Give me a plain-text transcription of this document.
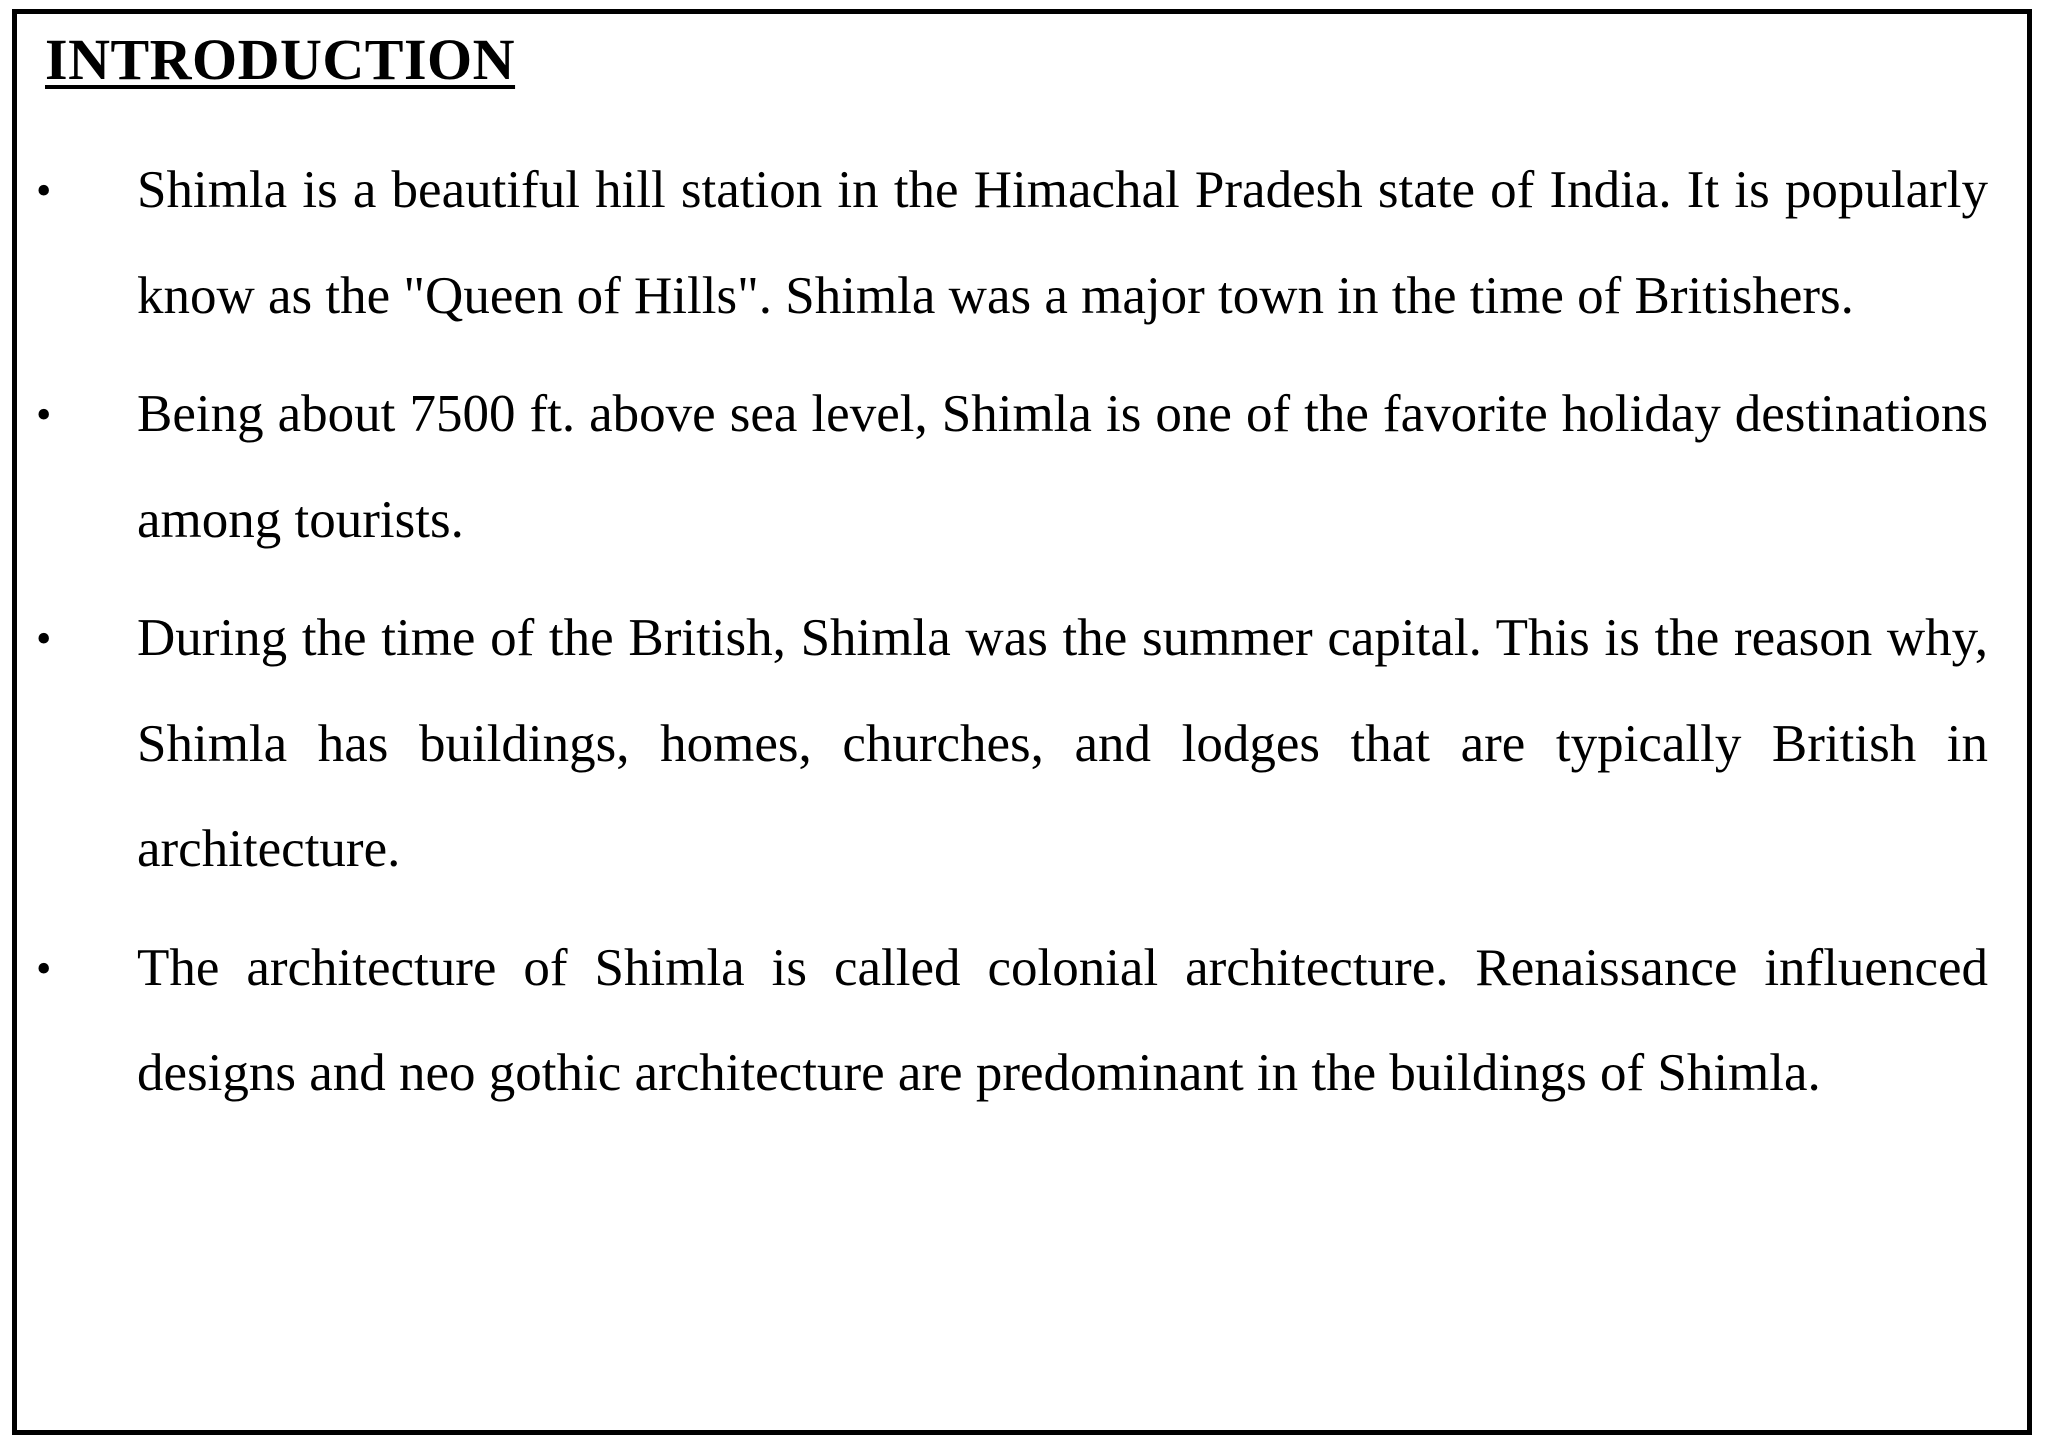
INTRODUCTION
• Shimla is a beautiful hill station in the Himachal Pradesh state of India. It is popularly know as the "Queen of Hills". Shimla was a major town in the time of Britishers.
• Being about 7500 ft. above sea level, Shimla is one of the favorite holiday destinations among tourists.
• During the time of the British, Shimla was the summer capital. This is the reason why, Shimla has buildings, homes, churches, and lodges that are typically British in architecture.
• The architecture of Shimla is called colonial architecture. Renaissance influenced designs and neo gothic architecture are predominant in the buildings of Shimla.
